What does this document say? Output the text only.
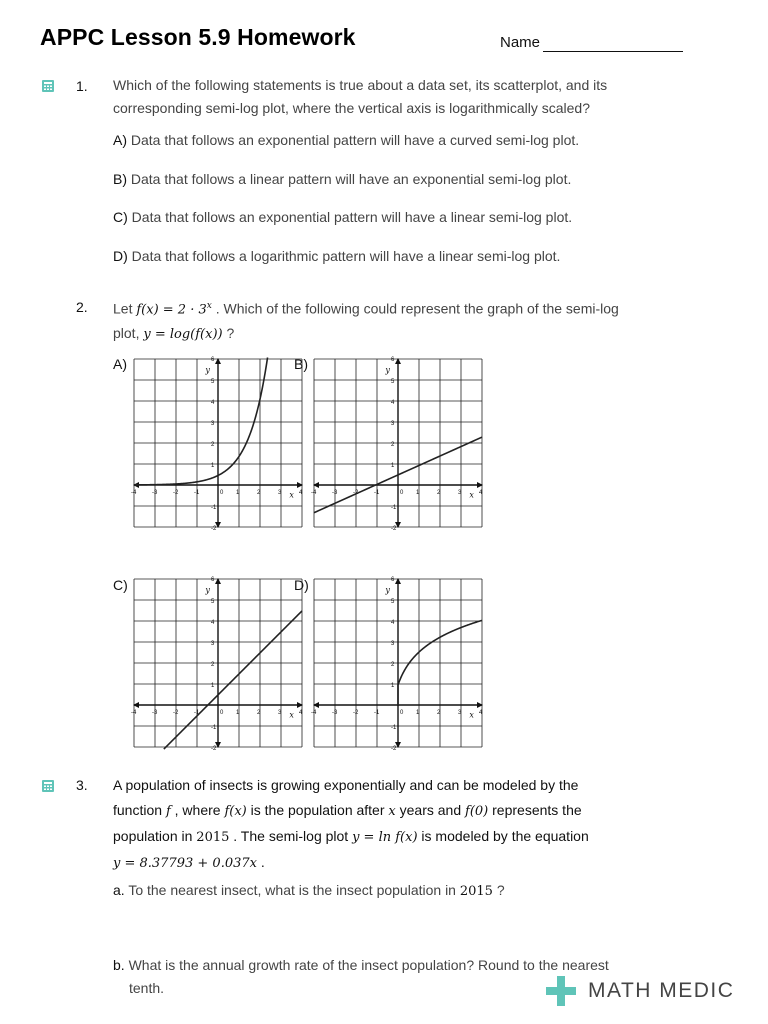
APPC Lesson 5.9 Homework	Name
1. Which of the following statements is true about a data set, its scatterplot, and its
corresponding semi-log plot, where the vertical axis is logarithmically scaled?
A) Data that follows an exponential pattern will have a curved semi-log plot.
B) Data that follows a linear pattern will have an exponential semi-log plot.
C) Data that follows an exponential pattern will have a linear semi-log plot.
D) Data that follows a logarithmic pattern will have a linear semi-log plot.
2. Let $f(x) = 2 \cdot 3^x$ . Which of the following could represent the graph of the semi-log
plot, y = log(f(x)) ?
A)	B)
C)	D)
-4	-3	-2	-1	0 1	2	3	4
-2
-1
1
2
3
4
5
6
x
y
-4	-3	-2	-1	0 1	2	3	4
-2
-1
1
2
3
4
5
6
x
y
-4	-3	-2	-1	0 1	2	3	4
-2
-1
1
2
3
4
5
6
x
y
-4	-3	-2	-1	0 1	2	3	4
-2
-1
1
2
3
4
5
6
x
y
3. A population of insects is growing exponentially and can be modeled by the
function f , where f(x) is the population after x years and f(0) represents the
population in 2015 . The semi-log plot y = ln f(x) is modeled by the equation
y = 8.37793 + 0.037x .
a. To the nearest insect, what is the insect population in 2015 ?
b. What is the annual growth rate of the insect population? Round to the nearest
tenth.	MATH MEDIC
